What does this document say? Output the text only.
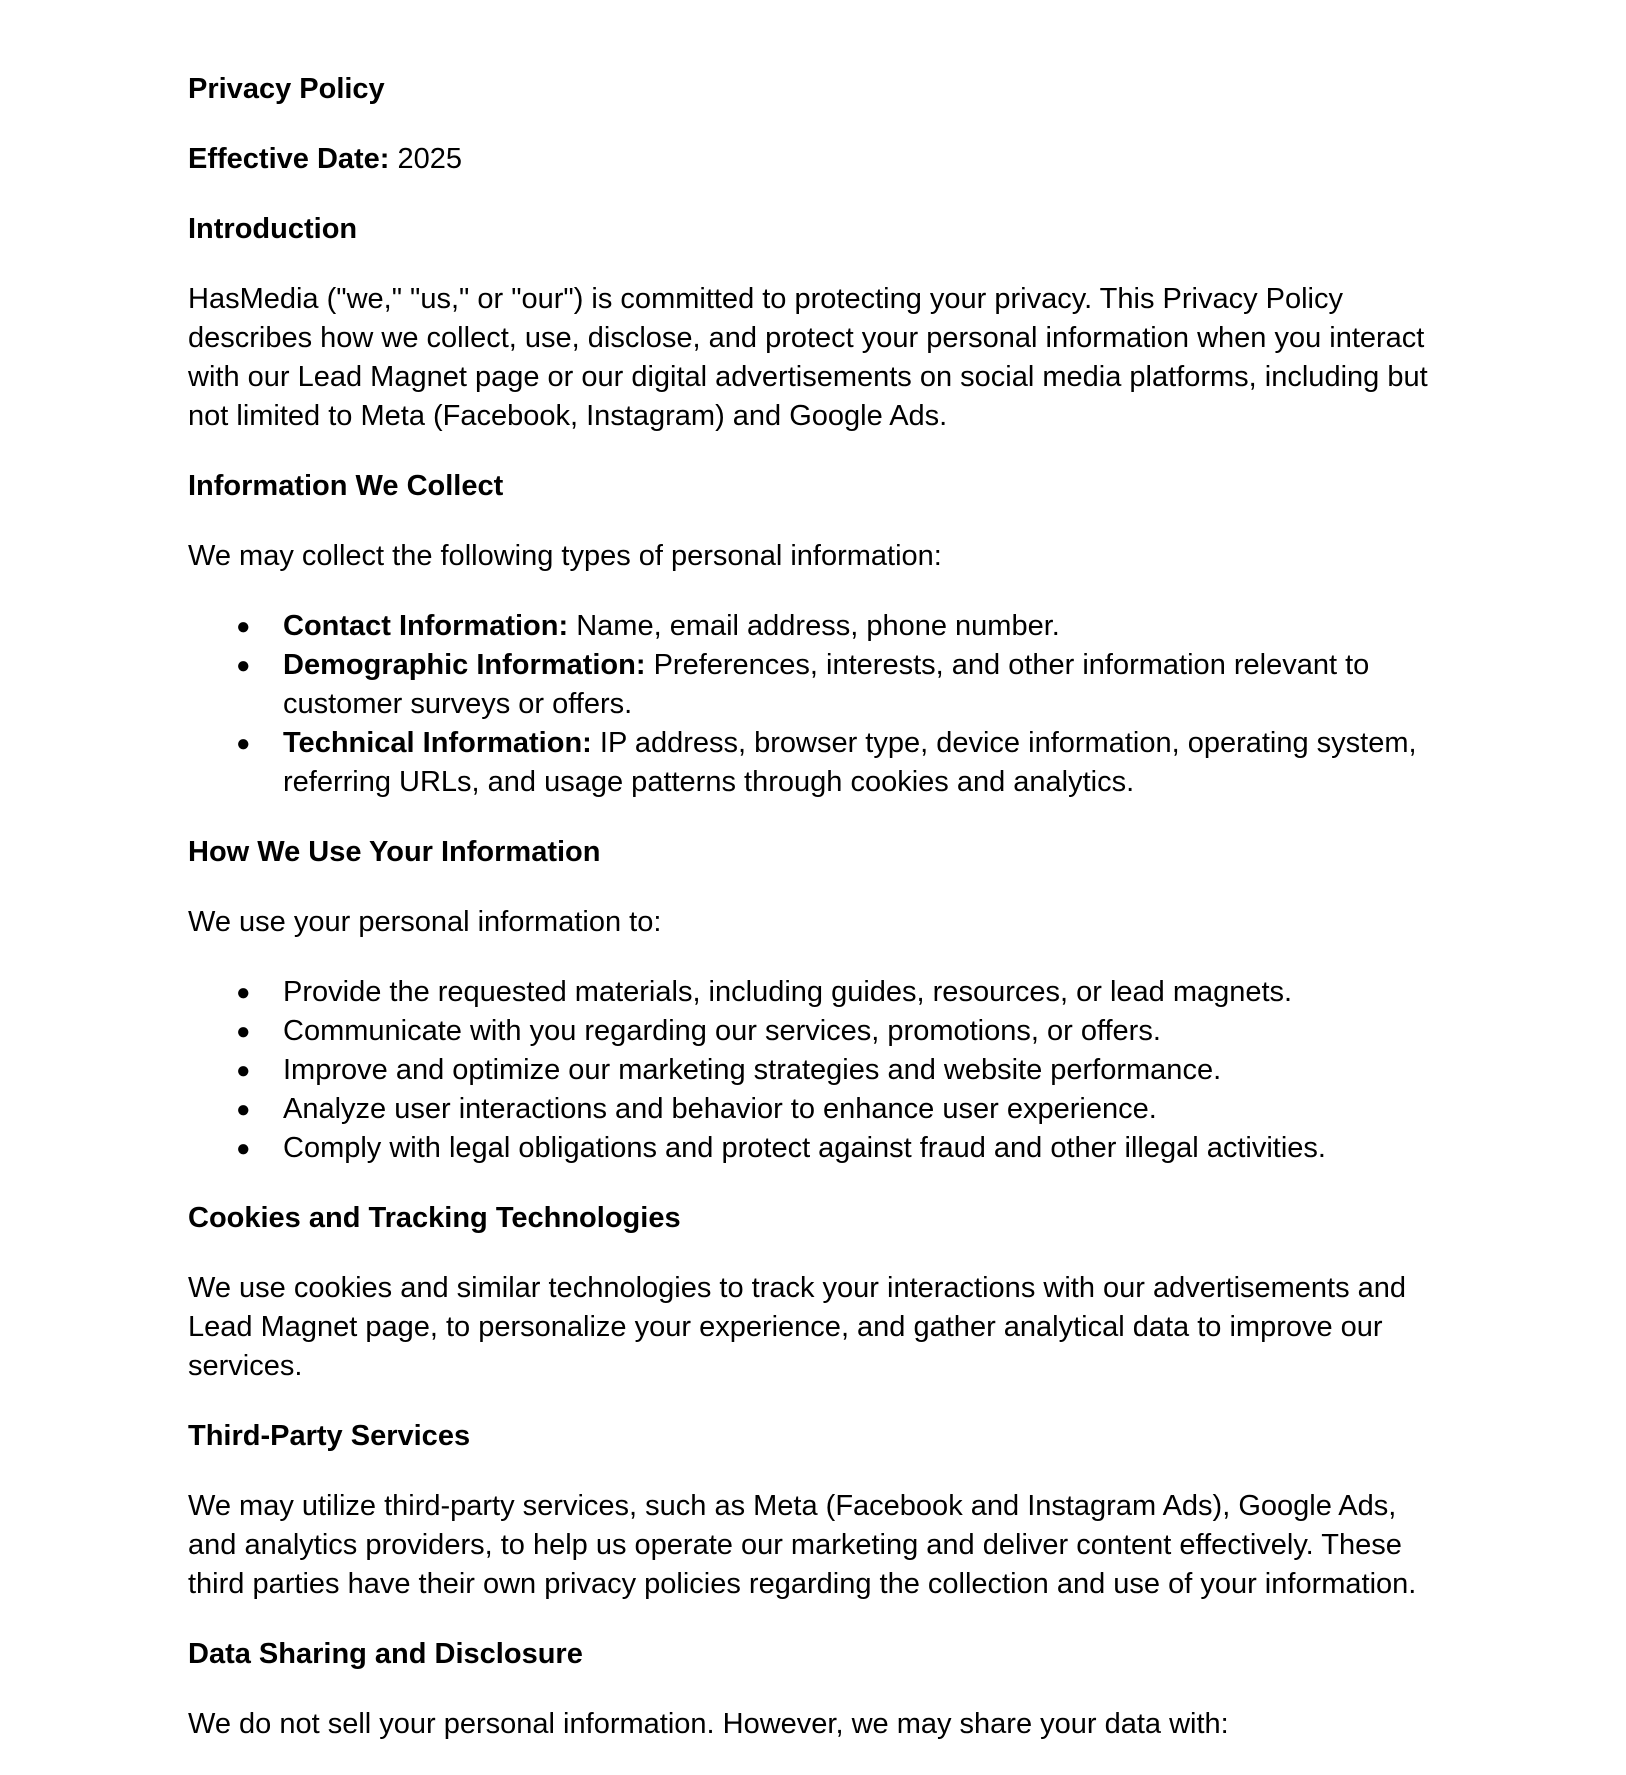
Privacy Policy

Effective Date: 2025

Introduction

HasMedia ("we," "us," or "our") is committed to protecting your privacy. This Privacy Policy describes how we collect, use, disclose, and protect your personal information when you interact with our Lead Magnet page or our digital advertisements on social media platforms, including but not limited to Meta (Facebook, Instagram) and Google Ads.

Information We Collect

We may collect the following types of personal information:

● Contact Information: Name, email address, phone number.
● Demographic Information: Preferences, interests, and other information relevant to customer surveys or offers.
● Technical Information: IP address, browser type, device information, operating system, referring URLs, and usage patterns through cookies and analytics.

How We Use Your Information

We use your personal information to:

● Provide the requested materials, including guides, resources, or lead magnets.
● Communicate with you regarding our services, promotions, or offers.
● Improve and optimize our marketing strategies and website performance.
● Analyze user interactions and behavior to enhance user experience.
● Comply with legal obligations and protect against fraud and other illegal activities.

Cookies and Tracking Technologies

We use cookies and similar technologies to track your interactions with our advertisements and Lead Magnet page, to personalize your experience, and gather analytical data to improve our services.

Third-Party Services

We may utilize third-party services, such as Meta (Facebook and Instagram Ads), Google Ads, and analytics providers, to help us operate our marketing and deliver content effectively. These third parties have their own privacy policies regarding the collection and use of your information.

Data Sharing and Disclosure

We do not sell your personal information. However, we may share your data with:
